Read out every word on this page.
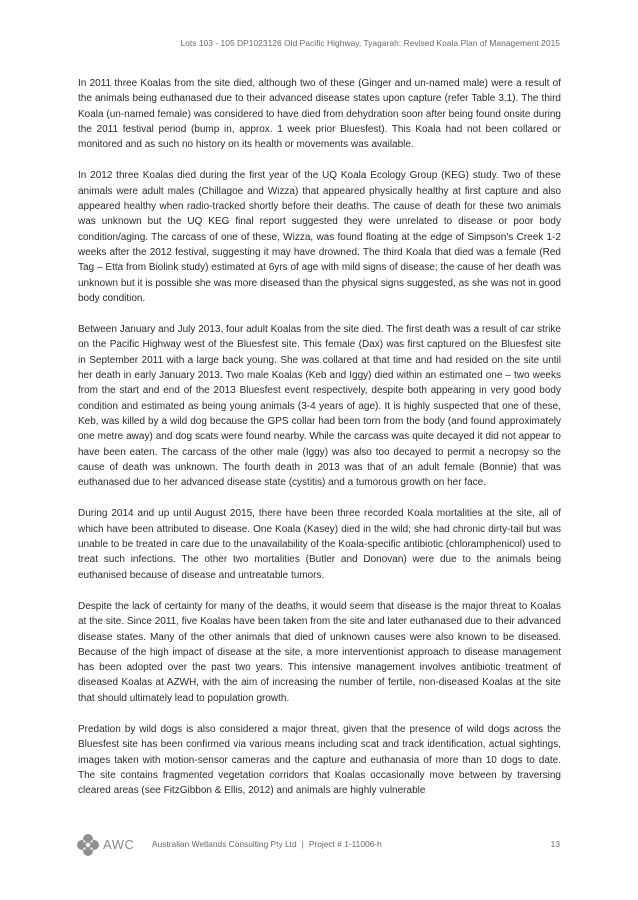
Lots 103 - 105 DP1023126 Old Pacific Highway, Tyagarah: Revised Koala Plan of Management 2015

In 2011 three Koalas from the site died, although two of these (Ginger and un-named male) were a result of the animals being euthanased due to their advanced disease states upon capture (refer Table 3.1). The third Koala (un-named female) was considered to have died from dehydration soon after being found onsite during the 2011 festival period (bump in, approx. 1 week prior Bluesfest). This Koala had not been collared or monitored and as such no history on its health or movements was available.

In 2012 three Koalas died during the first year of the UQ Koala Ecology Group (KEG) study. Two of these animals were adult males (Chillagoe and Wizza) that appeared physically healthy at first capture and also appeared healthy when radio-tracked shortly before their deaths. The cause of death for these two animals was unknown but the UQ KEG final report suggested they were unrelated to disease or poor body condition/aging. The carcass of one of these, Wizza, was found floating at the edge of Simpson’s Creek 1-2 weeks after the 2012 festival, suggesting it may have drowned. The third Koala that died was a female (Red Tag – Etta from Biolink study) estimated at 6yrs of age with mild signs of disease; the cause of her death was unknown but it is possible she was more diseased than the physical signs suggested, as she was not in good body condition.

Between January and July 2013, four adult Koalas from the site died. The first death was a result of car strike on the Pacific Highway west of the Bluesfest site. This female (Dax) was first captured on the Bluesfest site in September 2011 with a large back young. She was collared at that time and had resided on the site until her death in early January 2013. Two male Koalas (Keb and Iggy) died within an estimated one – two weeks from the start and end of the 2013 Bluesfest event respectively, despite both appearing in very good body condition and estimated as being young animals (3-4 years of age). It is highly suspected that one of these, Keb, was killed by a wild dog because the GPS collar had been torn from the body (and found approximately one metre away) and dog scats were found nearby. While the carcass was quite decayed it did not appear to have been eaten. The carcass of the other male (Iggy) was also too decayed to permit a necropsy so the cause of death was unknown. The fourth death in 2013 was that of an adult female (Bonnie) that was euthanased due to her advanced disease state (cystitis) and a tumorous growth on her face.

During 2014 and up until August 2015, there have been three recorded Koala mortalities at the site, all of which have been attributed to disease. One Koala (Kasey) died in the wild; she had chronic dirty-tail but was unable to be treated in care due to the unavailability of the Koala-specific antibiotic (chloramphenicol) used to treat such infections. The other two mortalities (Butler and Donovan) were due to the animals being euthanised because of disease and untreatable tumors.

Despite the lack of certainty for many of the deaths, it would seem that disease is the major threat to Koalas at the site. Since 2011, five Koalas have been taken from the site and later euthanased due to their advanced disease states. Many of the other animals that died of unknown causes were also known to be diseased. Because of the high impact of disease at the site, a more interventionist approach to disease management has been adopted over the past two years. This intensive management involves antibiotic treatment of diseased Koalas at AZWH, with the aim of increasing the number of fertile, non-diseased Koalas at the site that should ultimately lead to population growth.

Predation by wild dogs is also considered a major threat, given that the presence of wild dogs across the Bluesfest site has been confirmed via various means including scat and track identification, actual sightings, images taken with motion-sensor cameras and the capture and euthanasia of more than 10 dogs to date. The site contains fragmented vegetation corridors that Koalas occasionally move between by traversing cleared areas (see FitzGibbon & Ellis, 2012) and animals are highly vulnerable

AWC Australian Wetlands Consulting Pty Ltd | Project # 1-11006-h	13
